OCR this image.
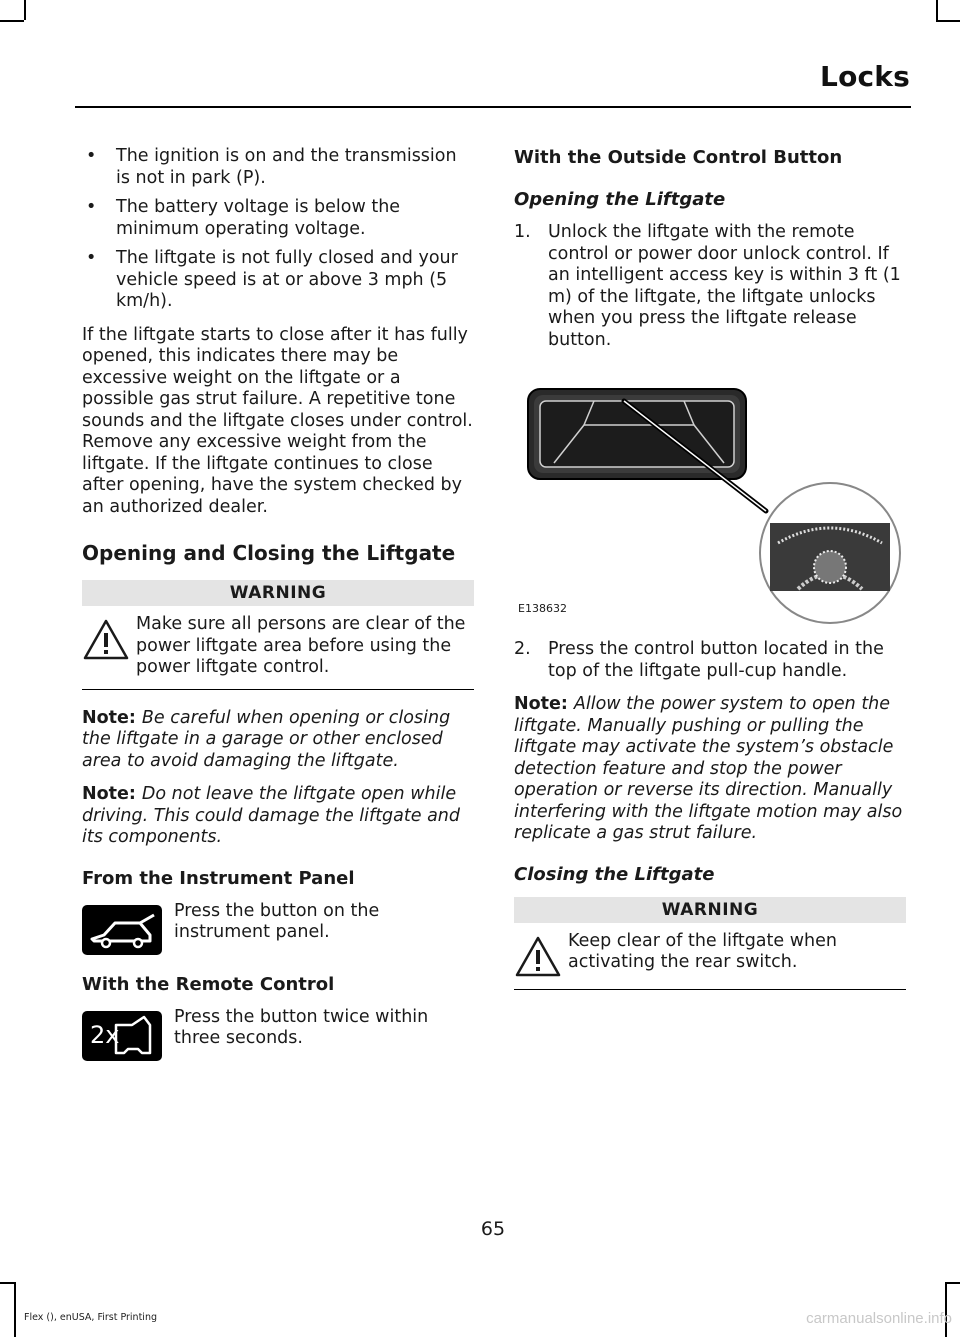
Locks
• The ignition is on and the transmission is not in park (P).
• The battery voltage is below the minimum operating voltage.
• The liftgate is not fully closed and your vehicle speed is at or above 3 mph (5 km/h).

If the liftgate starts to close after it has fully opened, this indicates there may be excessive weight on the liftgate or a possible gas strut failure. A repetitive tone sounds and the liftgate closes under control. Remove any excessive weight from the liftgate. If the liftgate continues to close after opening, have the system checked by an authorized dealer.

Opening and Closing the Liftgate
WARNING
Make sure all persons are clear of the power liftgate area before using the power liftgate control.

Note: Be careful when opening or closing the liftgate in a garage or other enclosed area to avoid damaging the liftgate.

Note: Do not leave the liftgate open while driving. This could damage the liftgate and its components.

From the Instrument Panel
Press the button on the instrument panel.
With the Remote Control
2x
Press the button twice within three seconds.
With the Outside Control Button
Opening the Liftgate
1. Unlock the liftgate with the remote control or power door unlock control. If an intelligent access key is within 3 ft (1 m) of the liftgate, the liftgate unlocks when you press the liftgate release button.
E138632
2. Press the control button located in the top of the liftgate pull-cup handle.

Note: Allow the power system to open the liftgate. Manually pushing or pulling the liftgate may activate the system’s obstacle detection feature and stop the power operation or reverse its direction. Manually interfering with the liftgate motion may also replicate a gas strut failure.

Closing the Liftgate
WARNING
Keep clear of the liftgate when activating the rear switch.

65

Flex (), enUSA, First Printing	carmanualsonline.info
